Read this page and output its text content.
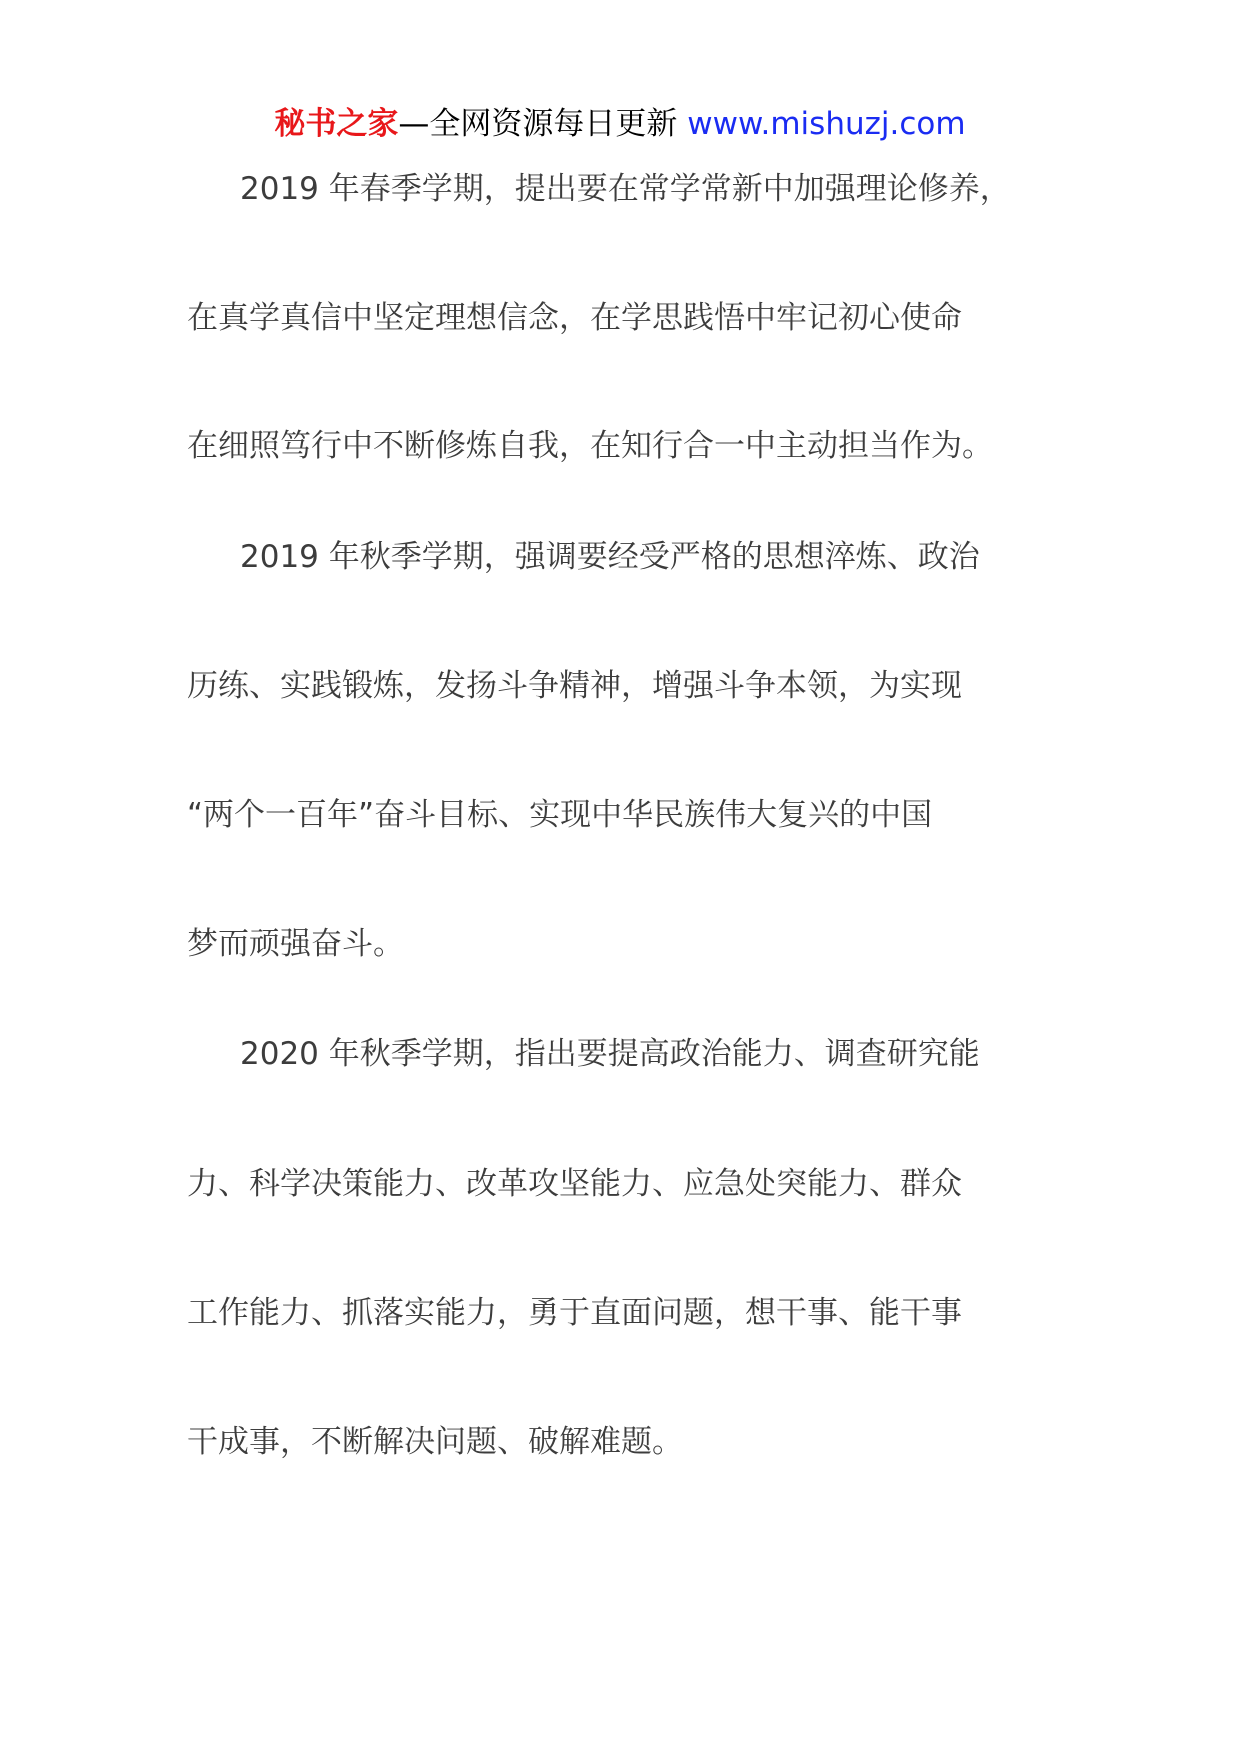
秘书之家—全网资源每日更新 www.mishuzj.com
2019 年春季学期，提出要在常学常新中加强理论修养，
在真学真信中坚定理想信念，在学思践悟中牢记初心使命
在细照笃行中不断修炼自我，在知行合一中主动担当作为。
2019 年秋季学期，强调要经受严格的思想淬炼、政治
历练、实践锻炼，发扬斗争精神，增强斗争本领，为实现
“两个一百年”奋斗目标、实现中华民族伟大复兴的中国
梦而顽强奋斗。
2020 年秋季学期，指出要提高政治能力、调查研究能
力、科学决策能力、改革攻坚能力、应急处突能力、群众
工作能力、抓落实能力，勇于直面问题，想干事、能干事
干成事，不断解决问题、破解难题。
